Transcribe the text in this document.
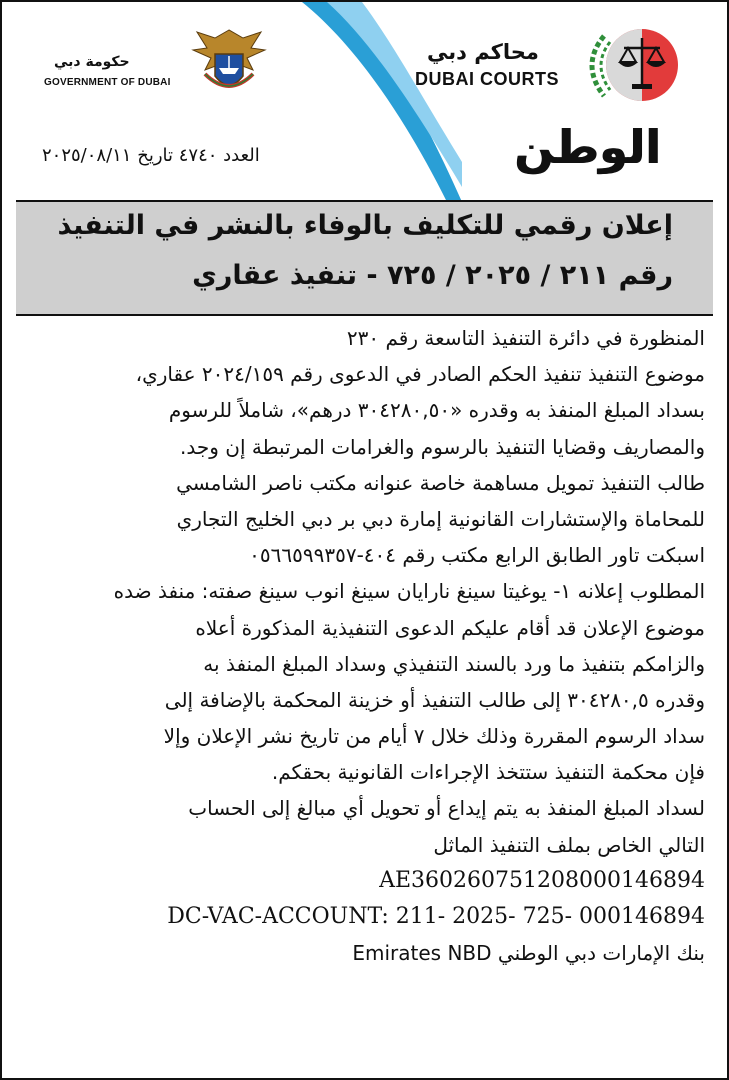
حكومة دبي
GOVERNMENT OF DUBAI
محاكم دبي
DUBAI COURTS
العدد ٤٧٤٠ تاريخ ٢٠٢٥/٠٨/١١	الوطن
إعلان رقمي للتكليف بالوفاء بالنشر في التنفيذ
رقم ٢١١ / ٢٠٢٥ / ٧٢٥ - تنفيذ عقاري
المنظورة في دائرة التنفيذ التاسعة رقم ٢٣٠
موضوع التنفيذ تنفيذ الحكم الصادر في الدعوى رقم ٢٠٢٤/١٥٩ عقاري،
بسداد المبلغ المنفذ به وقدره «٣٠٤٢٨٠,٥٠ درهم»، شاملاً للرسوم
والمصاريف وقضايا التنفيذ بالرسوم والغرامات المرتبطة إن وجد.
طالب التنفيذ تمويل مساهمة خاصة عنوانه مكتب ناصر الشامسي
للمحاماة والإستشارات القانونية إمارة دبي بر دبي الخليج التجاري
اسبكت تاور الطابق الرابع مكتب رقم ٤٠٤-٠٥٦٦٥٩٩٣٥٧
المطلوب إعلانه ١- يوغيتا سينغ نارايان سينغ انوب سينغ صفته: منفذ ضده
موضوع الإعلان قد أقام عليكم الدعوى التنفيذية المذكورة أعلاه
والزامكم بتنفيذ ما ورد بالسند التنفيذي وسداد المبلغ المنفذ به
وقدره ٣٠٤٢٨٠,٥ إلى طالب التنفيذ أو خزينة المحكمة بالإضافة إلى
سداد الرسوم المقررة وذلك خلال ٧ أيام من تاريخ نشر الإعلان وإلا
فإن محكمة التنفيذ ستتخذ الإجراءات القانونية بحقكم.
لسداد المبلغ المنفذ به يتم إيداع أو تحويل أي مبالغ إلى الحساب
التالي الخاص بملف التنفيذ الماثل
AE360260751208000146894
DC-VAC-ACCOUNT: 211- 2025- 725- 000146894
بنك الإمارات دبي الوطني Emirates NBD
